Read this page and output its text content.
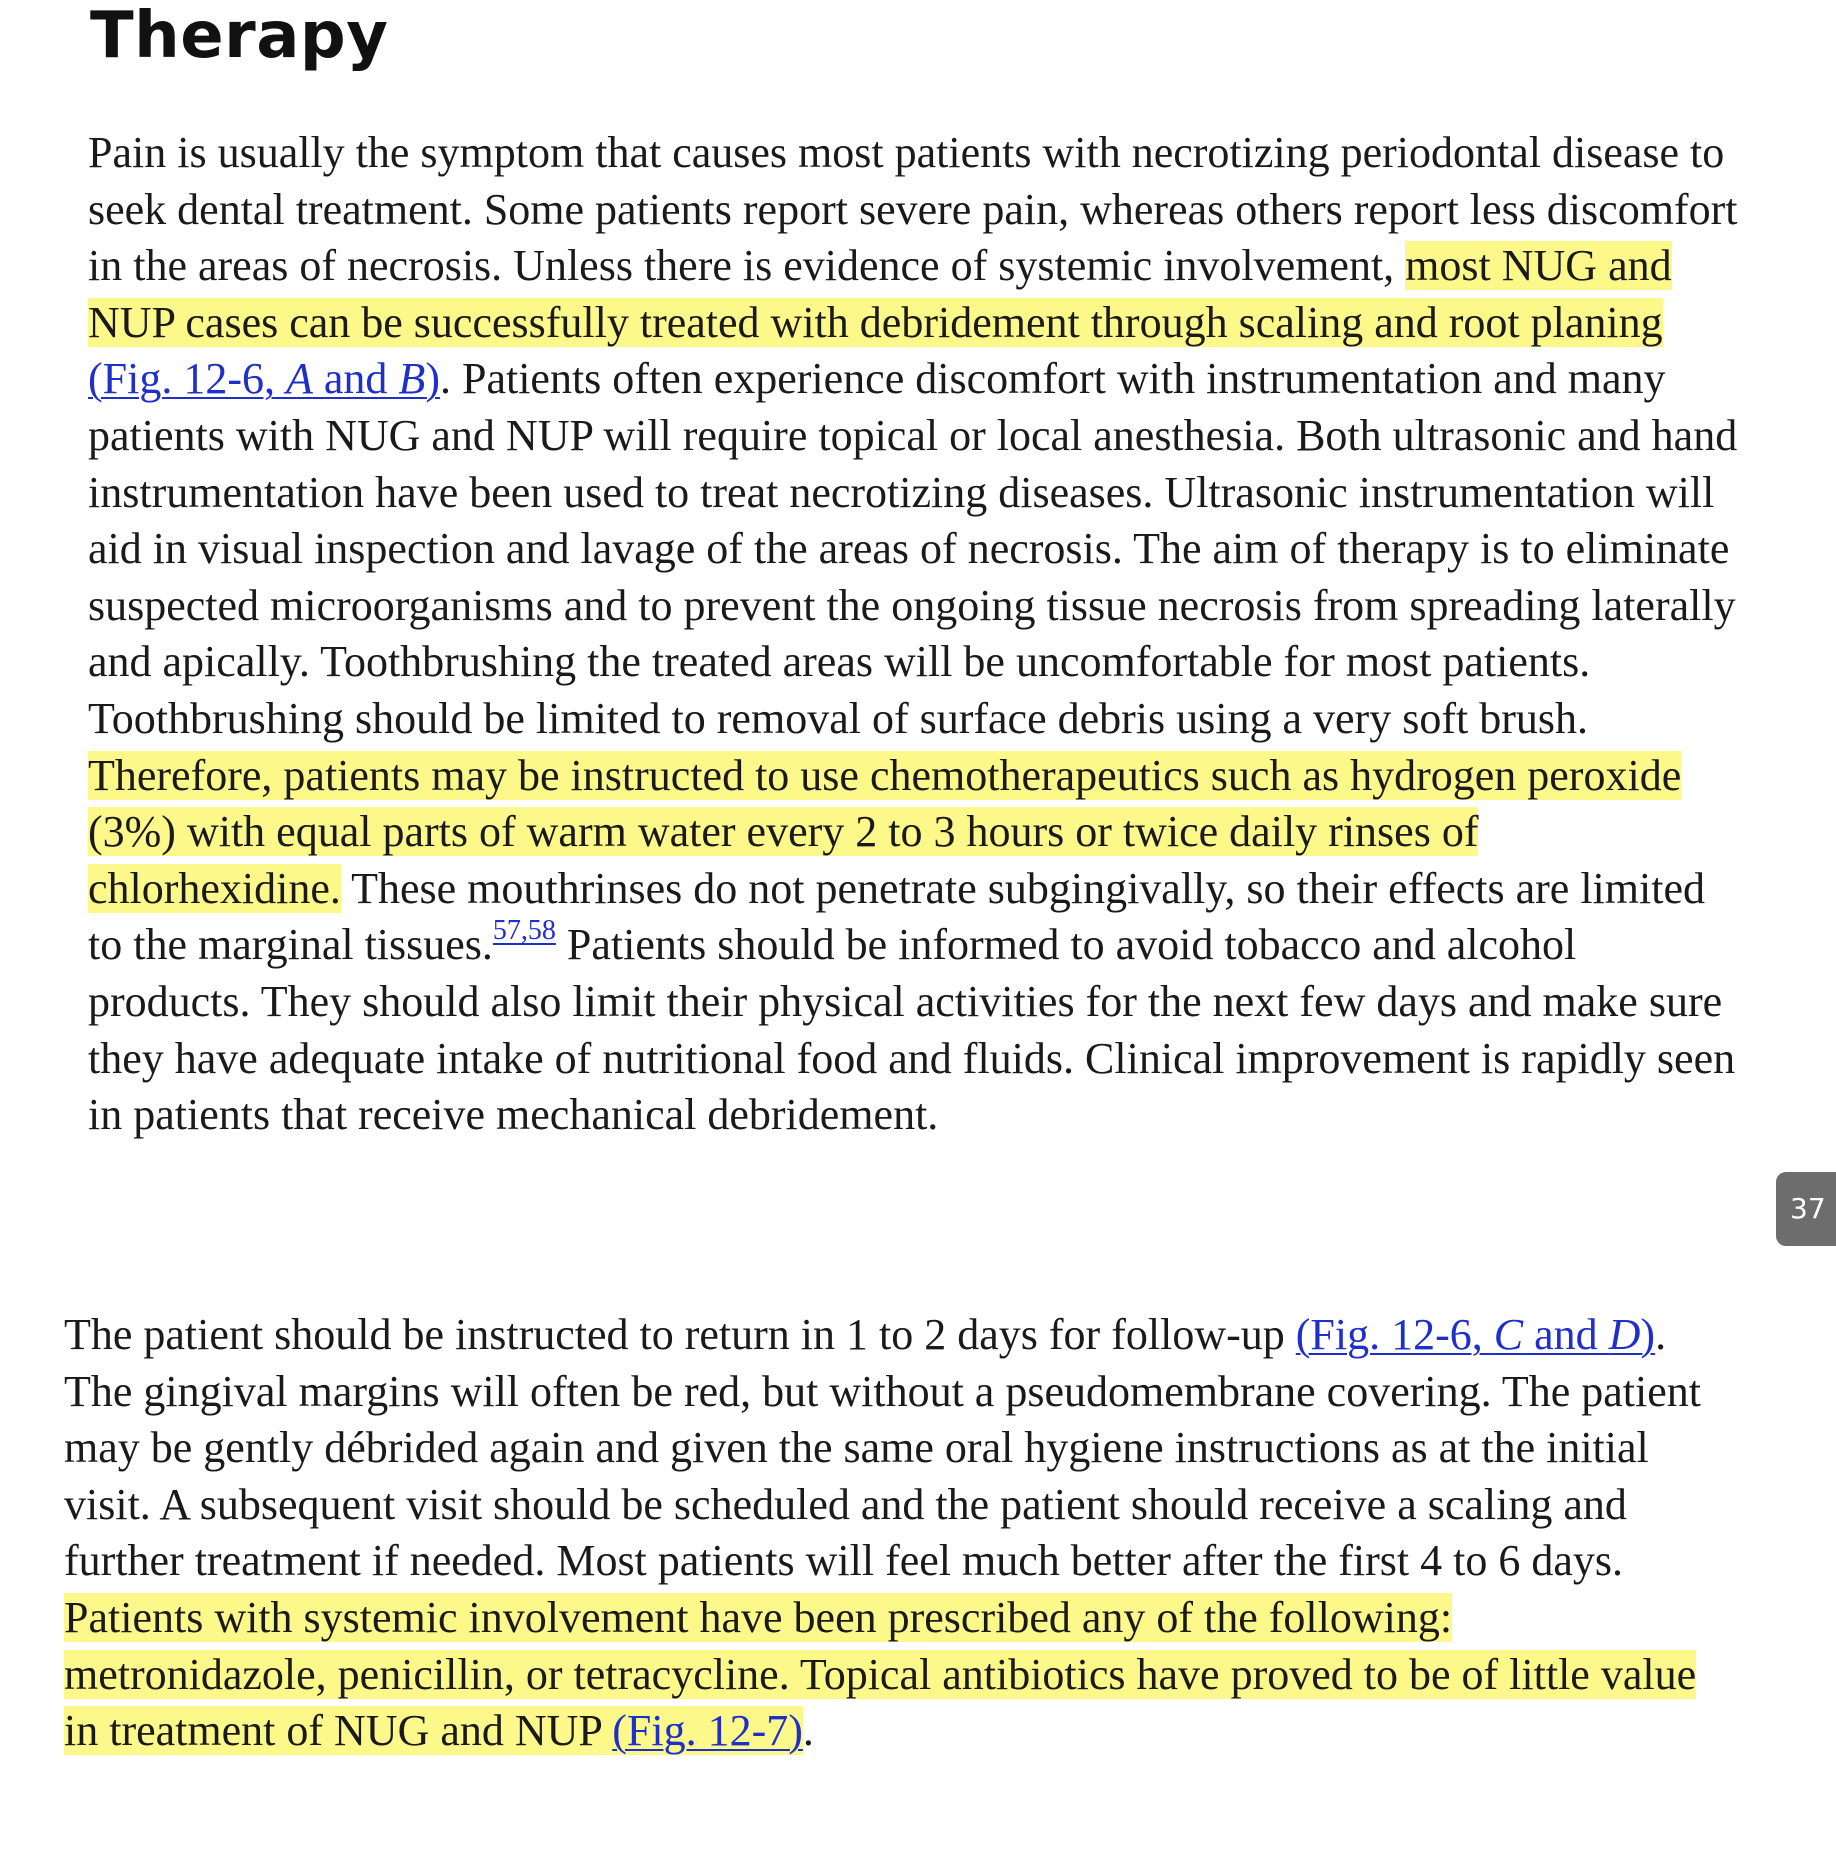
Therapy

Pain is usually the symptom that causes most patients with necrotizing periodontal disease to seek dental treatment. Some patients report severe pain, whereas others report less discomfort in the areas of necrosis. Unless there is evidence of systemic involvement, most NUG and NUP cases can be successfully treated with debridement through scaling and root planing (Fig. 12-6, A and B). Patients often experience discomfort with instrumentation and many patients with NUG and NUP will require topical or local anesthesia. Both ultrasonic and hand instrumentation have been used to treat necrotizing diseases. Ultrasonic instrumentation will aid in visual inspection and lavage of the areas of necrosis. The aim of therapy is to eliminate suspected microorganisms and to prevent the ongoing tissue necrosis from spreading laterally and apically. Toothbrushing the treated areas will be uncomfortable for most patients. Toothbrushing should be limited to removal of surface debris using a very soft brush. Therefore, patients may be instructed to use chemotherapeutics such as hydrogen peroxide (3%) with equal parts of warm water every 2 to 3 hours or twice daily rinses of chlorhexidine. These mouthrinses do not penetrate subgingivally, so their effects are limited to the marginal tissues.$^{57,58}$ Patients should be informed to avoid tobacco and alcohol products. They should also limit their physical activities for the next few days and make sure they have adequate intake of nutritional food and fluids. Clinical improvement is rapidly seen in patients that receive mechanical debridement.

The patient should be instructed to return in 1 to 2 days for follow-up (Fig. 12-6, C and D). The gingival margins will often be red, but without a pseudomembrane covering. The patient may be gently débrided again and given the same oral hygiene instructions as at the initial visit. A subsequent visit should be scheduled and the patient should receive a scaling and further treatment if needed. Most patients will feel much better after the first 4 to 6 days. Patients with systemic involvement have been prescribed any of the following: metronidazole, penicillin, or tetracycline. Topical antibiotics have proved to be of little value in treatment of NUG and NUP (Fig. 12-7).

37
